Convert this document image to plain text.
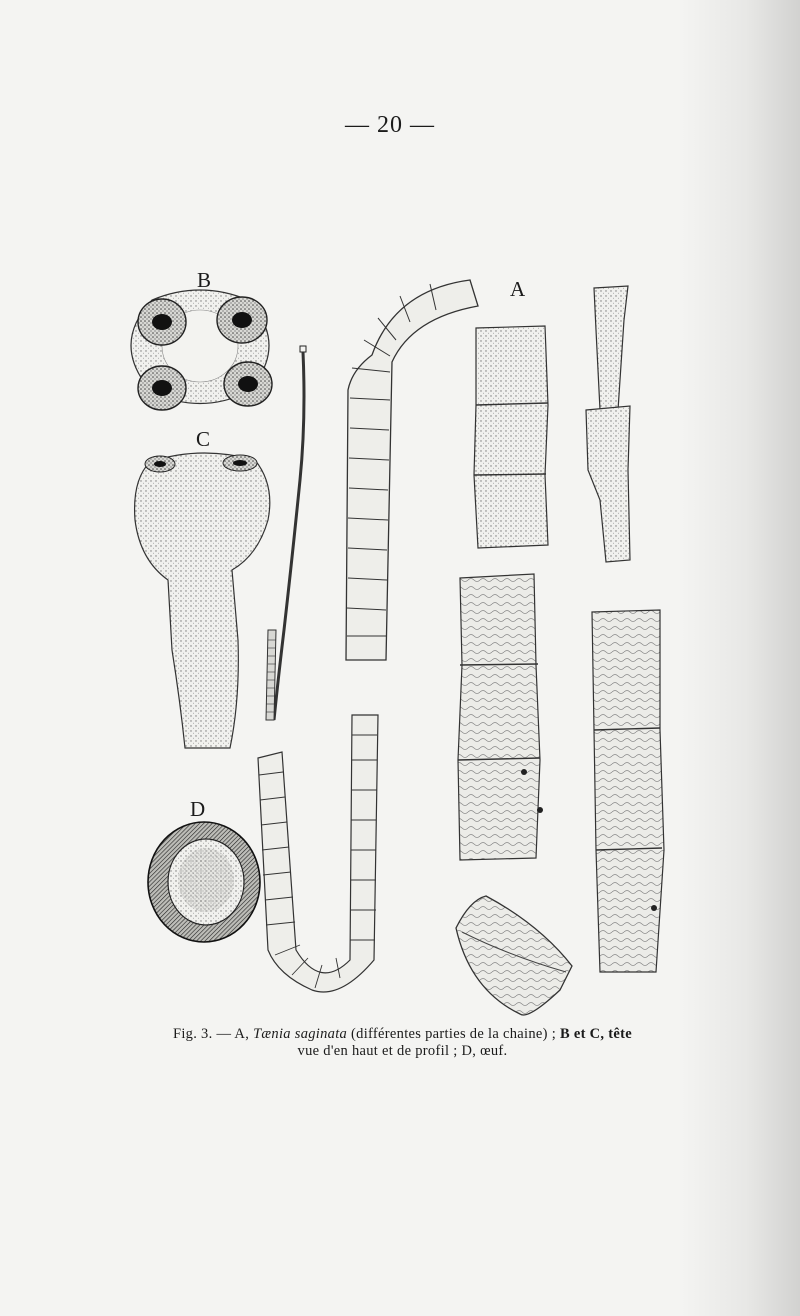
— 20 —
B
C
A
D
Fig. 3. — A, Tænia saginata (différentes parties de la chaine) ; B et C, tête
vue d'en haut et de profil ; D, œuf.
